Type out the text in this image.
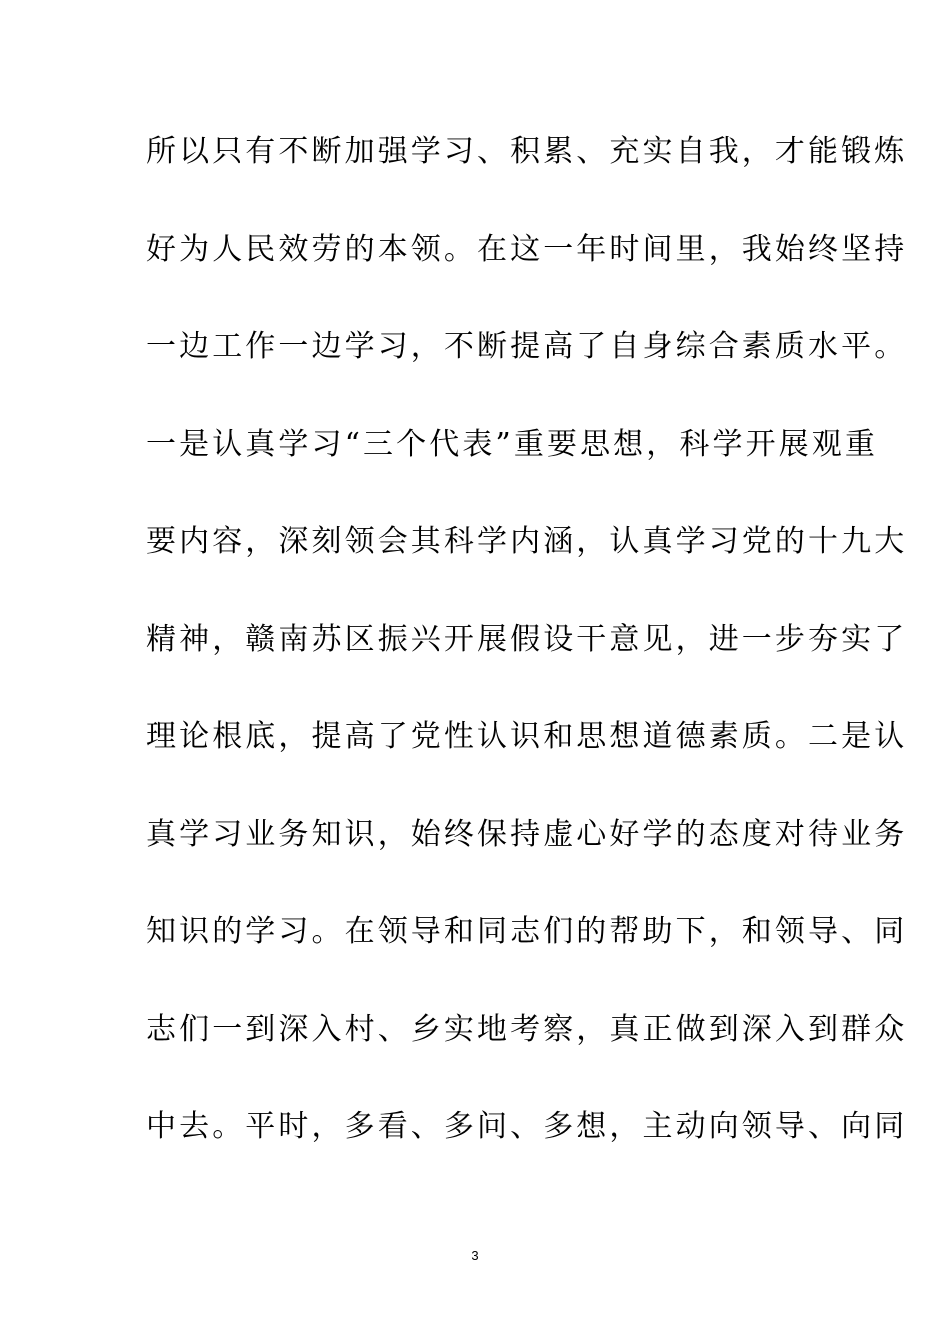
所以只有不断加强学习、积累、充实自我，才能锻炼
好为人民效劳的本领。在这一年时间里，我始终坚持
一边工作一边学习，不断提高了自身综合素质水平。
一是认真学习“三个代表”重要思想，科学开展观重
要内容，深刻领会其科学内涵，认真学习党的十九大
精神，赣南苏区振兴开展假设干意见，进一步夯实了
理论根底，提高了党性认识和思想道德素质。二是认
真学习业务知识，始终保持虚心好学的态度对待业务
知识的学习。在领导和同志们的帮助下，和领导、同
志们一到深入村、乡实地考察，真正做到深入到群众
中去。平时，多看、多问、多想，主动向领导、向同
3
